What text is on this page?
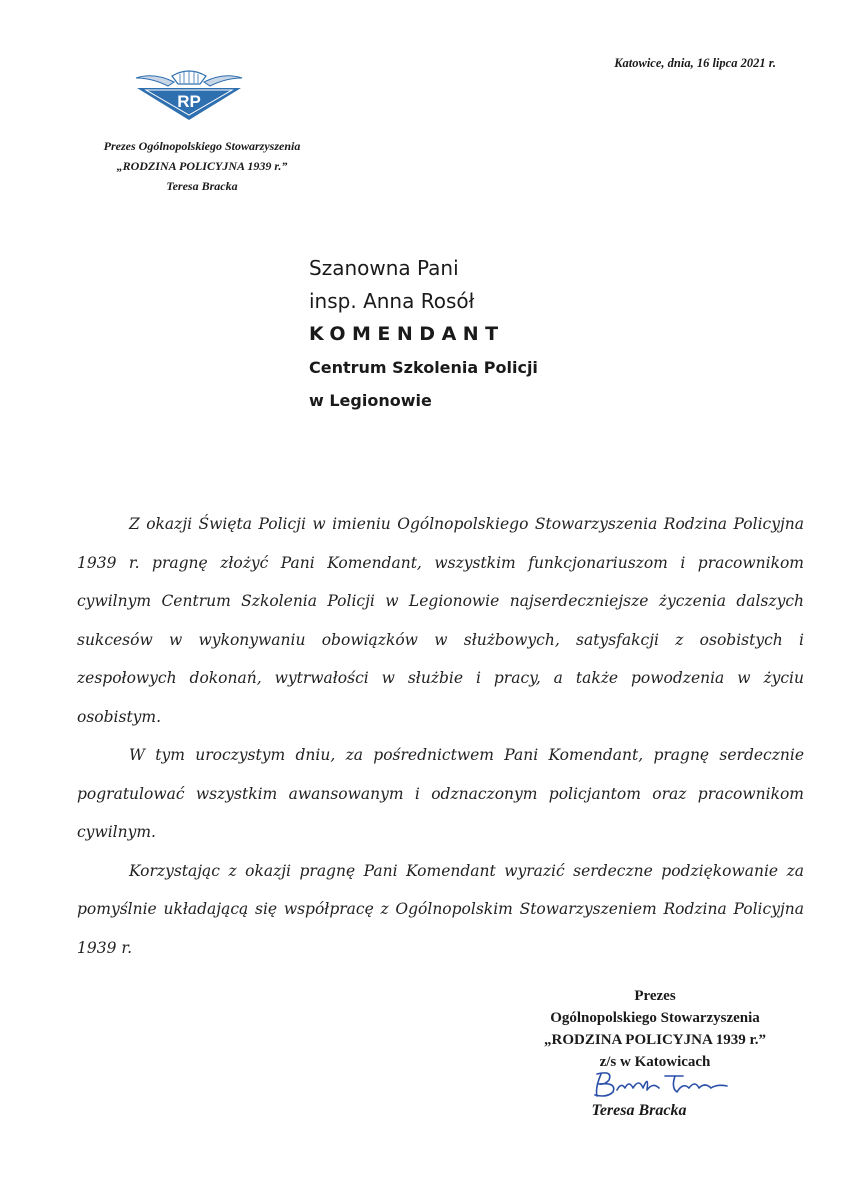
RP
Prezes Ogólnopolskiego Stowarzyszenia
„RODZINA POLICYJNA 1939 r.”
Teresa Bracka
Katowice, dnia, 16 lipca 2021 r.
Szanowna Pani
insp. Anna Rosół
KOMENDANT
Centrum Szkolenia Policji
w Legionowie

Z okazji Święta Policji w imieniu Ogólnopolskiego Stowarzyszenia Rodzina Policyjna 1939 r. pragnę złożyć Pani Komendant, wszystkim funkcjonariuszom i pracownikom cywilnym Centrum Szkolenia Policji w Legionowie najserdeczniejsze życzenia dalszych sukcesów w wykonywaniu obowiązków w służbowych, satysfakcji z osobistych i zespołowych dokonań, wytrwałości w służbie i pracy, a także powodzenia w życiu osobistym.

W tym uroczystym dniu, za pośrednictwem Pani Komendant, pragnę serdecznie pogratulować wszystkim awansowanym i odznaczonym policjantom oraz pracownikom cywilnym.

Korzystając z okazji pragnę Pani Komendant wyrazić serdeczne podziękowanie za pomyślnie układającą się współpracę z Ogólnopolskim Stowarzyszeniem Rodzina Policyjna 1939 r.

Prezes
Ogólnopolskiego Stowarzyszenia
„RODZINA POLICYJNA 1939 r.”
z/s w Katowicach
Teresa Bracka
